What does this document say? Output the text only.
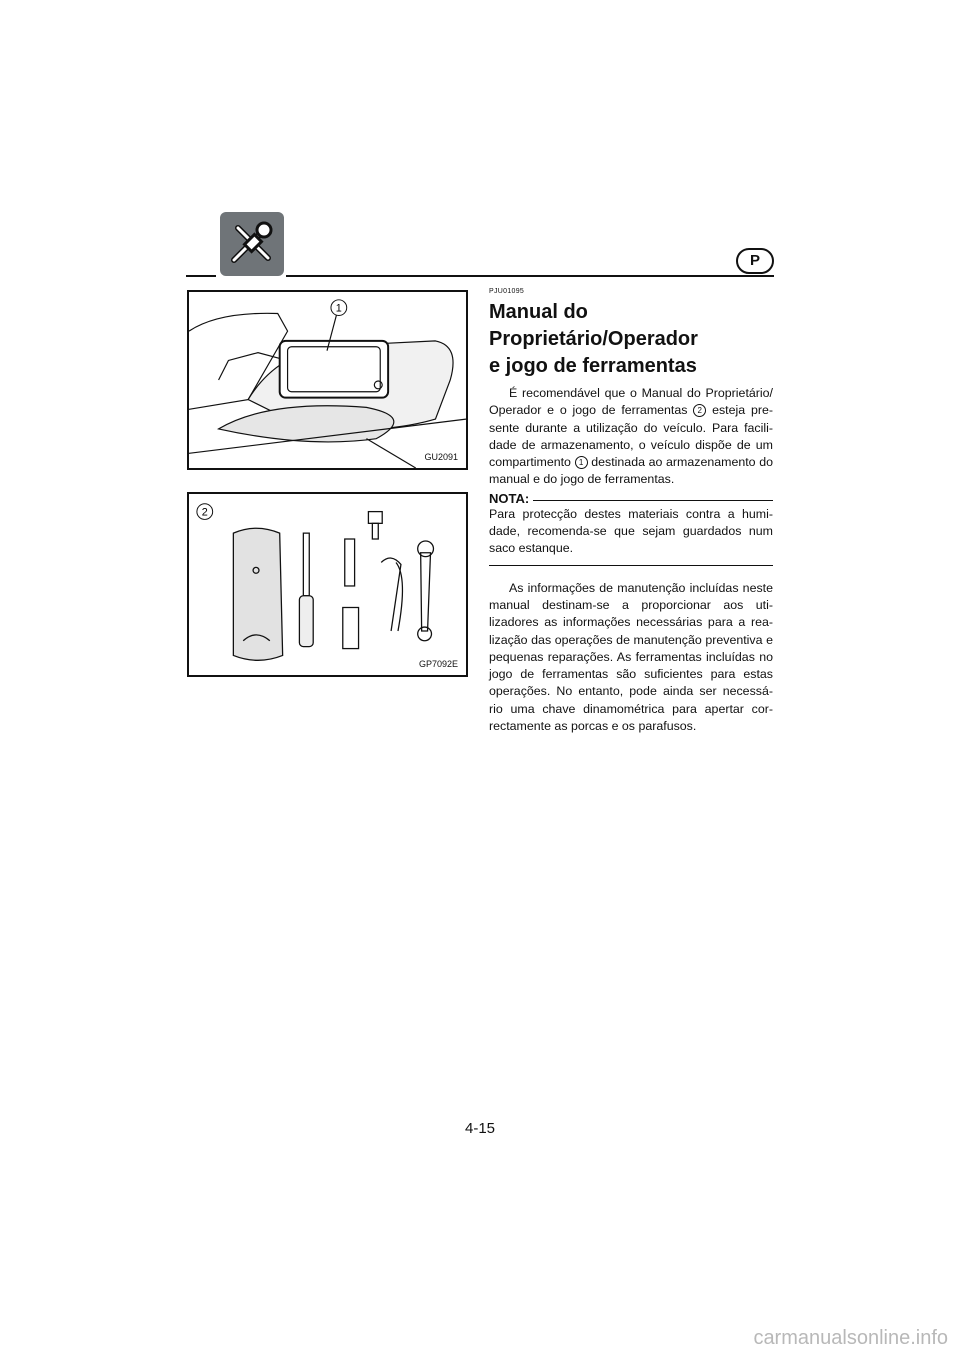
P
1
GU2091
2
GP7092E

PJU01095

Manual do Proprietário/Operador
e jogo de ferramentas

É recomendável que o Manual do Proprietário/ Operador e o jogo de ferramentas 2 esteja pre- sente durante a utilização do veículo. Para facili- dade de armazenamento, o veículo dispõe de um compartimento 1 destinada ao armazenamento do manual e do jogo de ferramentas.

NOTA:

Para protecção destes materiais contra a humi- dade, recomenda-se que sejam guardados num saco estanque.

As informações de manutenção incluídas neste manual destinam-se a proporcionar aos uti- lizadores as informações necessárias para a rea- lização das operações de manutenção preventiva e pequenas reparações. As ferramentas incluídas no jogo de ferramentas são suficientes para estas operações. No entanto, pode ainda ser necessá- rio uma chave dinamométrica para apertar cor- rectamente as porcas e os parafusos.

4-15
carmanualsonline.info
